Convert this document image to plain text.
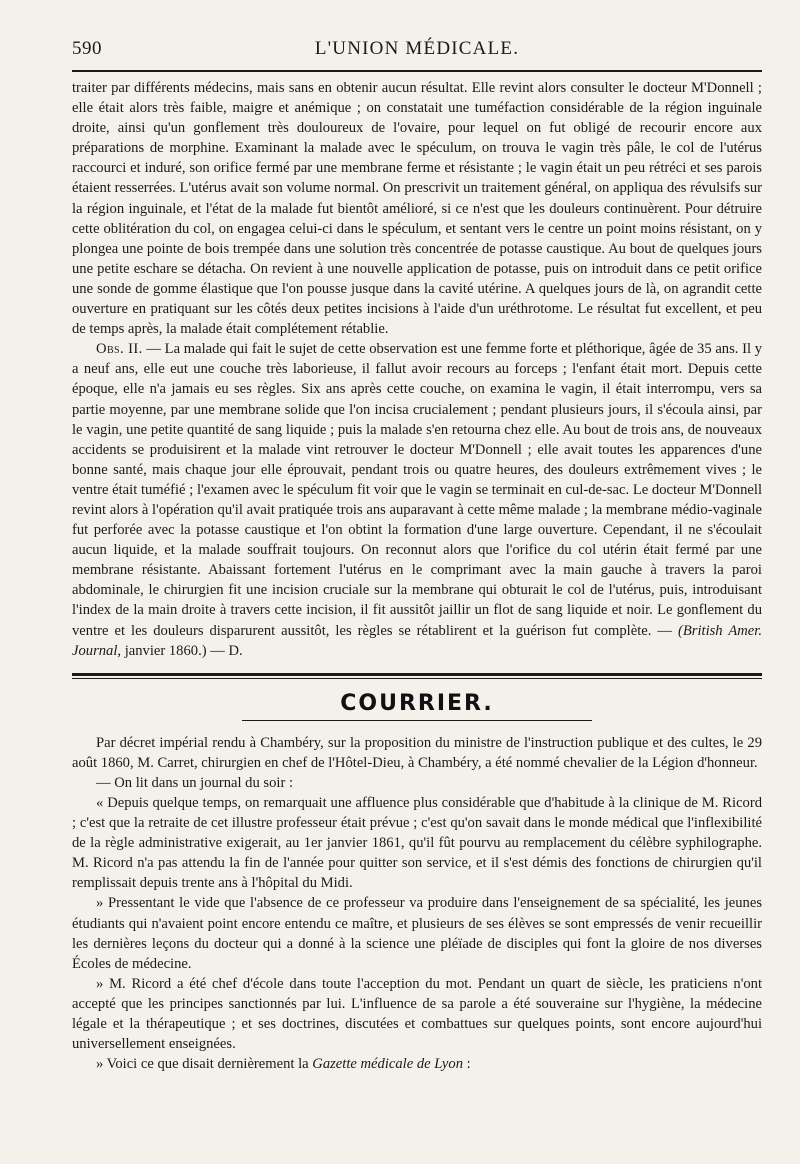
590	L'UNION MÉDICALE.

traiter par différents médecins, mais sans en obtenir aucun résultat. Elle revint alors consulter le docteur M'Donnell ; elle était alors très faible, maigre et anémique ; on constatait une tuméfaction considérable de la région inguinale droite, ainsi qu'un gonflement très douloureux de l'ovaire, pour lequel on fut obligé de recourir encore aux préparations de morphine. Examinant la malade avec le spéculum, on trouva le vagin très pâle, le col de l'utérus raccourci et induré, son orifice fermé par une membrane ferme et résistante ; le vagin était un peu rétréci et ses parois étaient resserrées. L'utérus avait son volume normal. On prescrivit un traitement général, on appliqua des révulsifs sur la région inguinale, et l'état de la malade fut bientôt amélioré, si ce n'est que les douleurs continuèrent. Pour détruire cette oblitération du col, on engagea celui-ci dans le spéculum, et sentant vers le centre un point moins résistant, on y plongea une pointe de bois trempée dans une solution très concentrée de potasse caustique. Au bout de quelques jours une petite eschare se détacha. On revient à une nouvelle application de potasse, puis on introduit dans ce petit orifice une sonde de gomme élastique que l'on pousse jusque dans la cavité utérine. A quelques jours de là, on agrandit cette ouverture en pratiquant sur les côtés deux petites incisions à l'aide d'un uréthrotome. Le résultat fut excellent, et peu de temps après, la malade était complétement rétablie.

Obs. II. — La malade qui fait le sujet de cette observation est une femme forte et pléthorique, âgée de 35 ans. Il y a neuf ans, elle eut une couche très laborieuse, il fallut avoir recours au forceps ; l'enfant était mort. Depuis cette époque, elle n'a jamais eu ses règles. Six ans après cette couche, on examina le vagin, il était interrompu, vers sa partie moyenne, par une membrane solide que l'on incisa crucialement ; pendant plusieurs jours, il s'écoula ainsi, par le vagin, une petite quantité de sang liquide ; puis la malade s'en retourna chez elle. Au bout de trois ans, de nouveaux accidents se produisirent et la malade vint retrouver le docteur M'Donnell ; elle avait toutes les apparences d'une bonne santé, mais chaque jour elle éprouvait, pendant trois ou quatre heures, des douleurs extrêmement vives ; le ventre était tuméfié ; l'examen avec le spéculum fit voir que le vagin se terminait en cul-de-sac. Le docteur M'Donnell revint alors à l'opération qu'il avait pratiquée trois ans auparavant à cette même malade ; la membrane médio-vaginale fut perforée avec la potasse caustique et l'on obtint la formation d'une large ouverture. Cependant, il ne s'écoulait aucun liquide, et la malade souffrait toujours. On reconnut alors que l'orifice du col utérin était fermé par une membrane résistante. Abaissant fortement l'utérus en le comprimant avec la main gauche à travers la paroi abdominale, le chirurgien fit une incision cruciale sur la membrane qui obturait le col de l'utérus, puis, introduisant l'index de la main droite à travers cette incision, il fit aussitôt jaillir un flot de sang liquide et noir. Le gonflement du ventre et les douleurs disparurent aussitôt, les règles se rétablirent et la guérison fut complète. — (British Amer. Journal, janvier 1860.) — D.

COURRIER.

Par décret impérial rendu à Chambéry, sur la proposition du ministre de l'instruction publique et des cultes, le 29 août 1860, M. Carret, chirurgien en chef de l'Hôtel-Dieu, à Chambéry, a été nommé chevalier de la Légion d'honneur.

— On lit dans un journal du soir :

« Depuis quelque temps, on remarquait une affluence plus considérable que d'habitude à la clinique de M. Ricord ; c'est que la retraite de cet illustre professeur était prévue ; c'est qu'on savait dans le monde médical que l'inflexibilité de la règle administrative exigerait, au 1er janvier 1861, qu'il fût pourvu au remplacement du célèbre syphilographe. M. Ricord n'a pas attendu la fin de l'année pour quitter son service, et il s'est démis des fonctions de chirurgien qu'il remplissait depuis trente ans à l'hôpital du Midi.

» Pressentant le vide que l'absence de ce professeur va produire dans l'enseignement de sa spécialité, les jeunes étudiants qui n'avaient point encore entendu ce maître, et plusieurs de ses élèves se sont empressés de venir recueillir les dernières leçons du docteur qui a donné à la science une pléïade de disciples qui font la gloire de nos diverses Écoles de médecine.

» M. Ricord a été chef d'école dans toute l'acception du mot. Pendant un quart de siècle, les praticiens n'ont accepté que les principes sanctionnés par lui. L'influence de sa parole a été souveraine sur l'hygiène, la médecine légale et la thérapeutique ; et ses doctrines, discutées et combattues sur quelques points, sont encore aujourd'hui universellement enseignées.

» Voici ce que disait dernièrement la Gazette médicale de Lyon :
